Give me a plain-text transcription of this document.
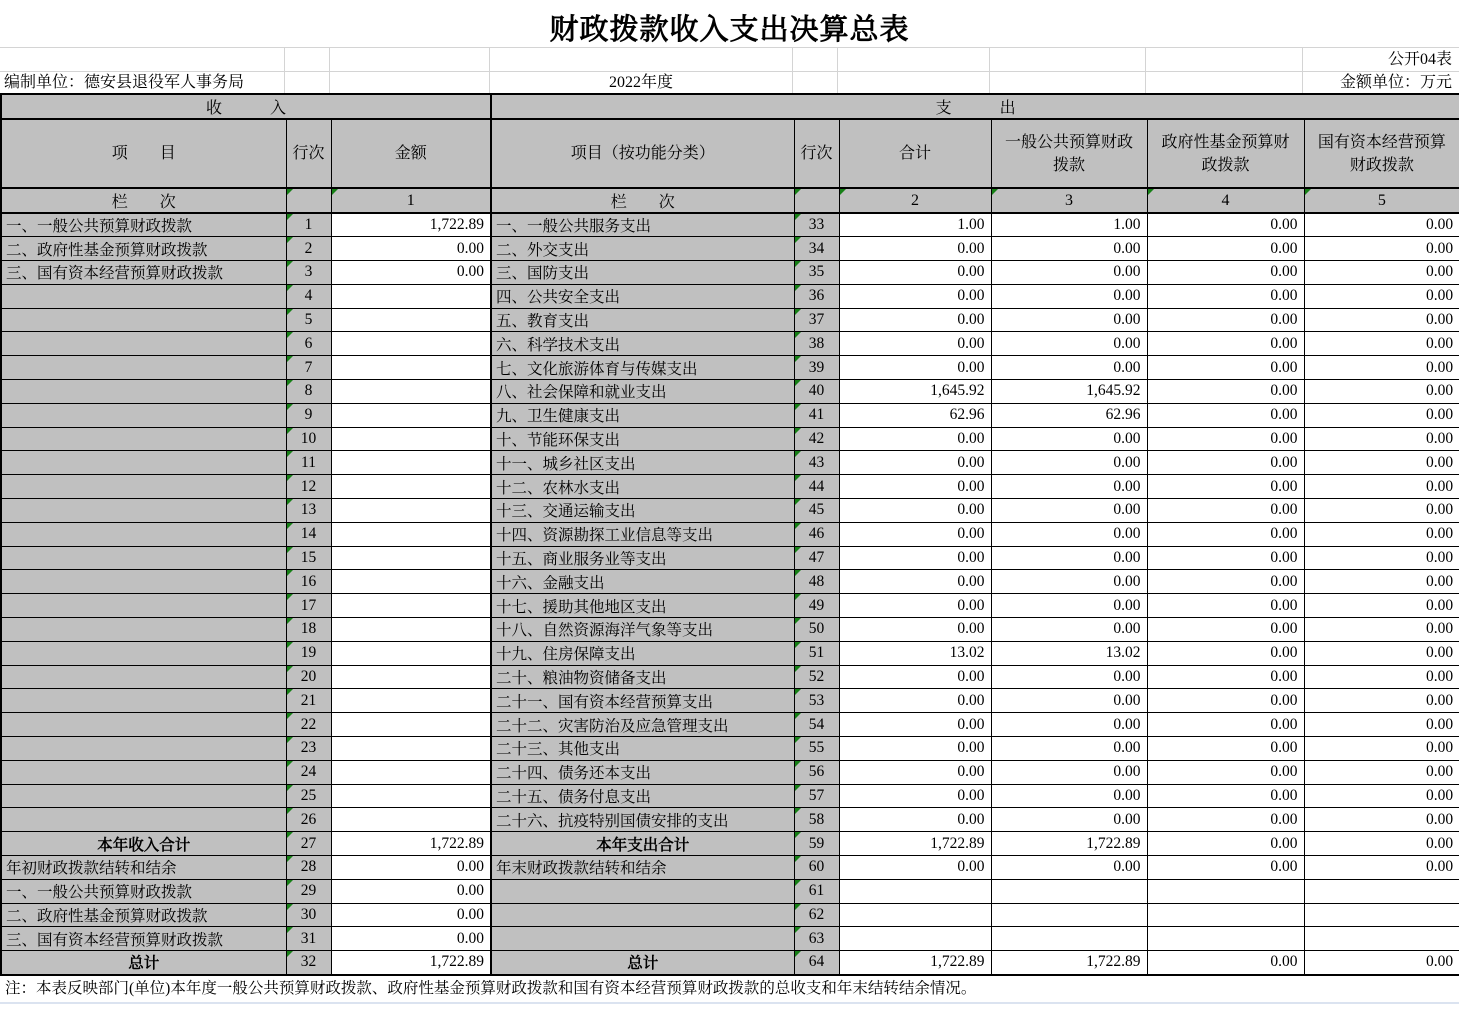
财政拨款收入支出决算总表
公开04表
编制单位：德安县退役军人事务局	2022年度	金额单位：万元
收　　　入			支　　　出					
项　　目	行次	金额	项目（按功能分类）	行次	合计	一般公共预算财政拨款	政府性基金预算财政拨款	国有资本经营预算财政拨款
栏　　次		1	栏　　次		2	3	4	5
一、一般公共预算财政拨款	1	1,722.89	一、一般公共服务支出	33	1.00	1.00	0.00	0.00
二、政府性基金预算财政拨款	2	0.00	二、外交支出	34	0.00	0.00	0.00	0.00
三、国有资本经营预算财政拨款	3	0.00	三、国防支出	35	0.00	0.00	0.00	0.00
	4		四、公共安全支出	36	0.00	0.00	0.00	0.00
	5		五、教育支出	37	0.00	0.00	0.00	0.00
	6		六、科学技术支出	38	0.00	0.00	0.00	0.00
	7		七、文化旅游体育与传媒支出	39	0.00	0.00	0.00	0.00
	8		八、社会保障和就业支出	40	1,645.92	1,645.92	0.00	0.00
	9		九、卫生健康支出	41	62.96	62.96	0.00	0.00
	10		十、节能环保支出	42	0.00	0.00	0.00	0.00
	11		十一、城乡社区支出	43	0.00	0.00	0.00	0.00
	12		十二、农林水支出	44	0.00	0.00	0.00	0.00
	13		十三、交通运输支出	45	0.00	0.00	0.00	0.00
	14		十四、资源勘探工业信息等支出	46	0.00	0.00	0.00	0.00
	15		十五、商业服务业等支出	47	0.00	0.00	0.00	0.00
	16		十六、金融支出	48	0.00	0.00	0.00	0.00
	17		十七、援助其他地区支出	49	0.00	0.00	0.00	0.00
	18		十八、自然资源海洋气象等支出	50	0.00	0.00	0.00	0.00
	19		十九、住房保障支出	51	13.02	13.02	0.00	0.00
	20		二十、粮油物资储备支出	52	0.00	0.00	0.00	0.00
	21		二十一、国有资本经营预算支出	53	0.00	0.00	0.00	0.00
	22		二十二、灾害防治及应急管理支出	54	0.00	0.00	0.00	0.00
	23		二十三、其他支出	55	0.00	0.00	0.00	0.00
	24		二十四、债务还本支出	56	0.00	0.00	0.00	0.00
	25		二十五、债务付息支出	57	0.00	0.00	0.00	0.00
	26		二十六、抗疫特别国债安排的支出	58	0.00	0.00	0.00	0.00
本年收入合计	27	1,722.89	本年支出合计	59	1,722.89	1,722.89	0.00	0.00
年初财政拨款结转和结余	28	0.00	年末财政拨款结转和结余	60	0.00	0.00	0.00	0.00
一、一般公共预算财政拨款	29	0.00		61				
二、政府性基金预算财政拨款	30	0.00		62				
三、国有资本经营预算财政拨款	31	0.00		63				
总计	32	1,722.89	总计	64	1,722.89	1,722.89	0.00	0.00
注：本表反映部门(单位)本年度一般公共预算财政拨款、政府性基金预算财政拨款和国有资本经营预算财政拨款的总收支和年末结转结余情况。
